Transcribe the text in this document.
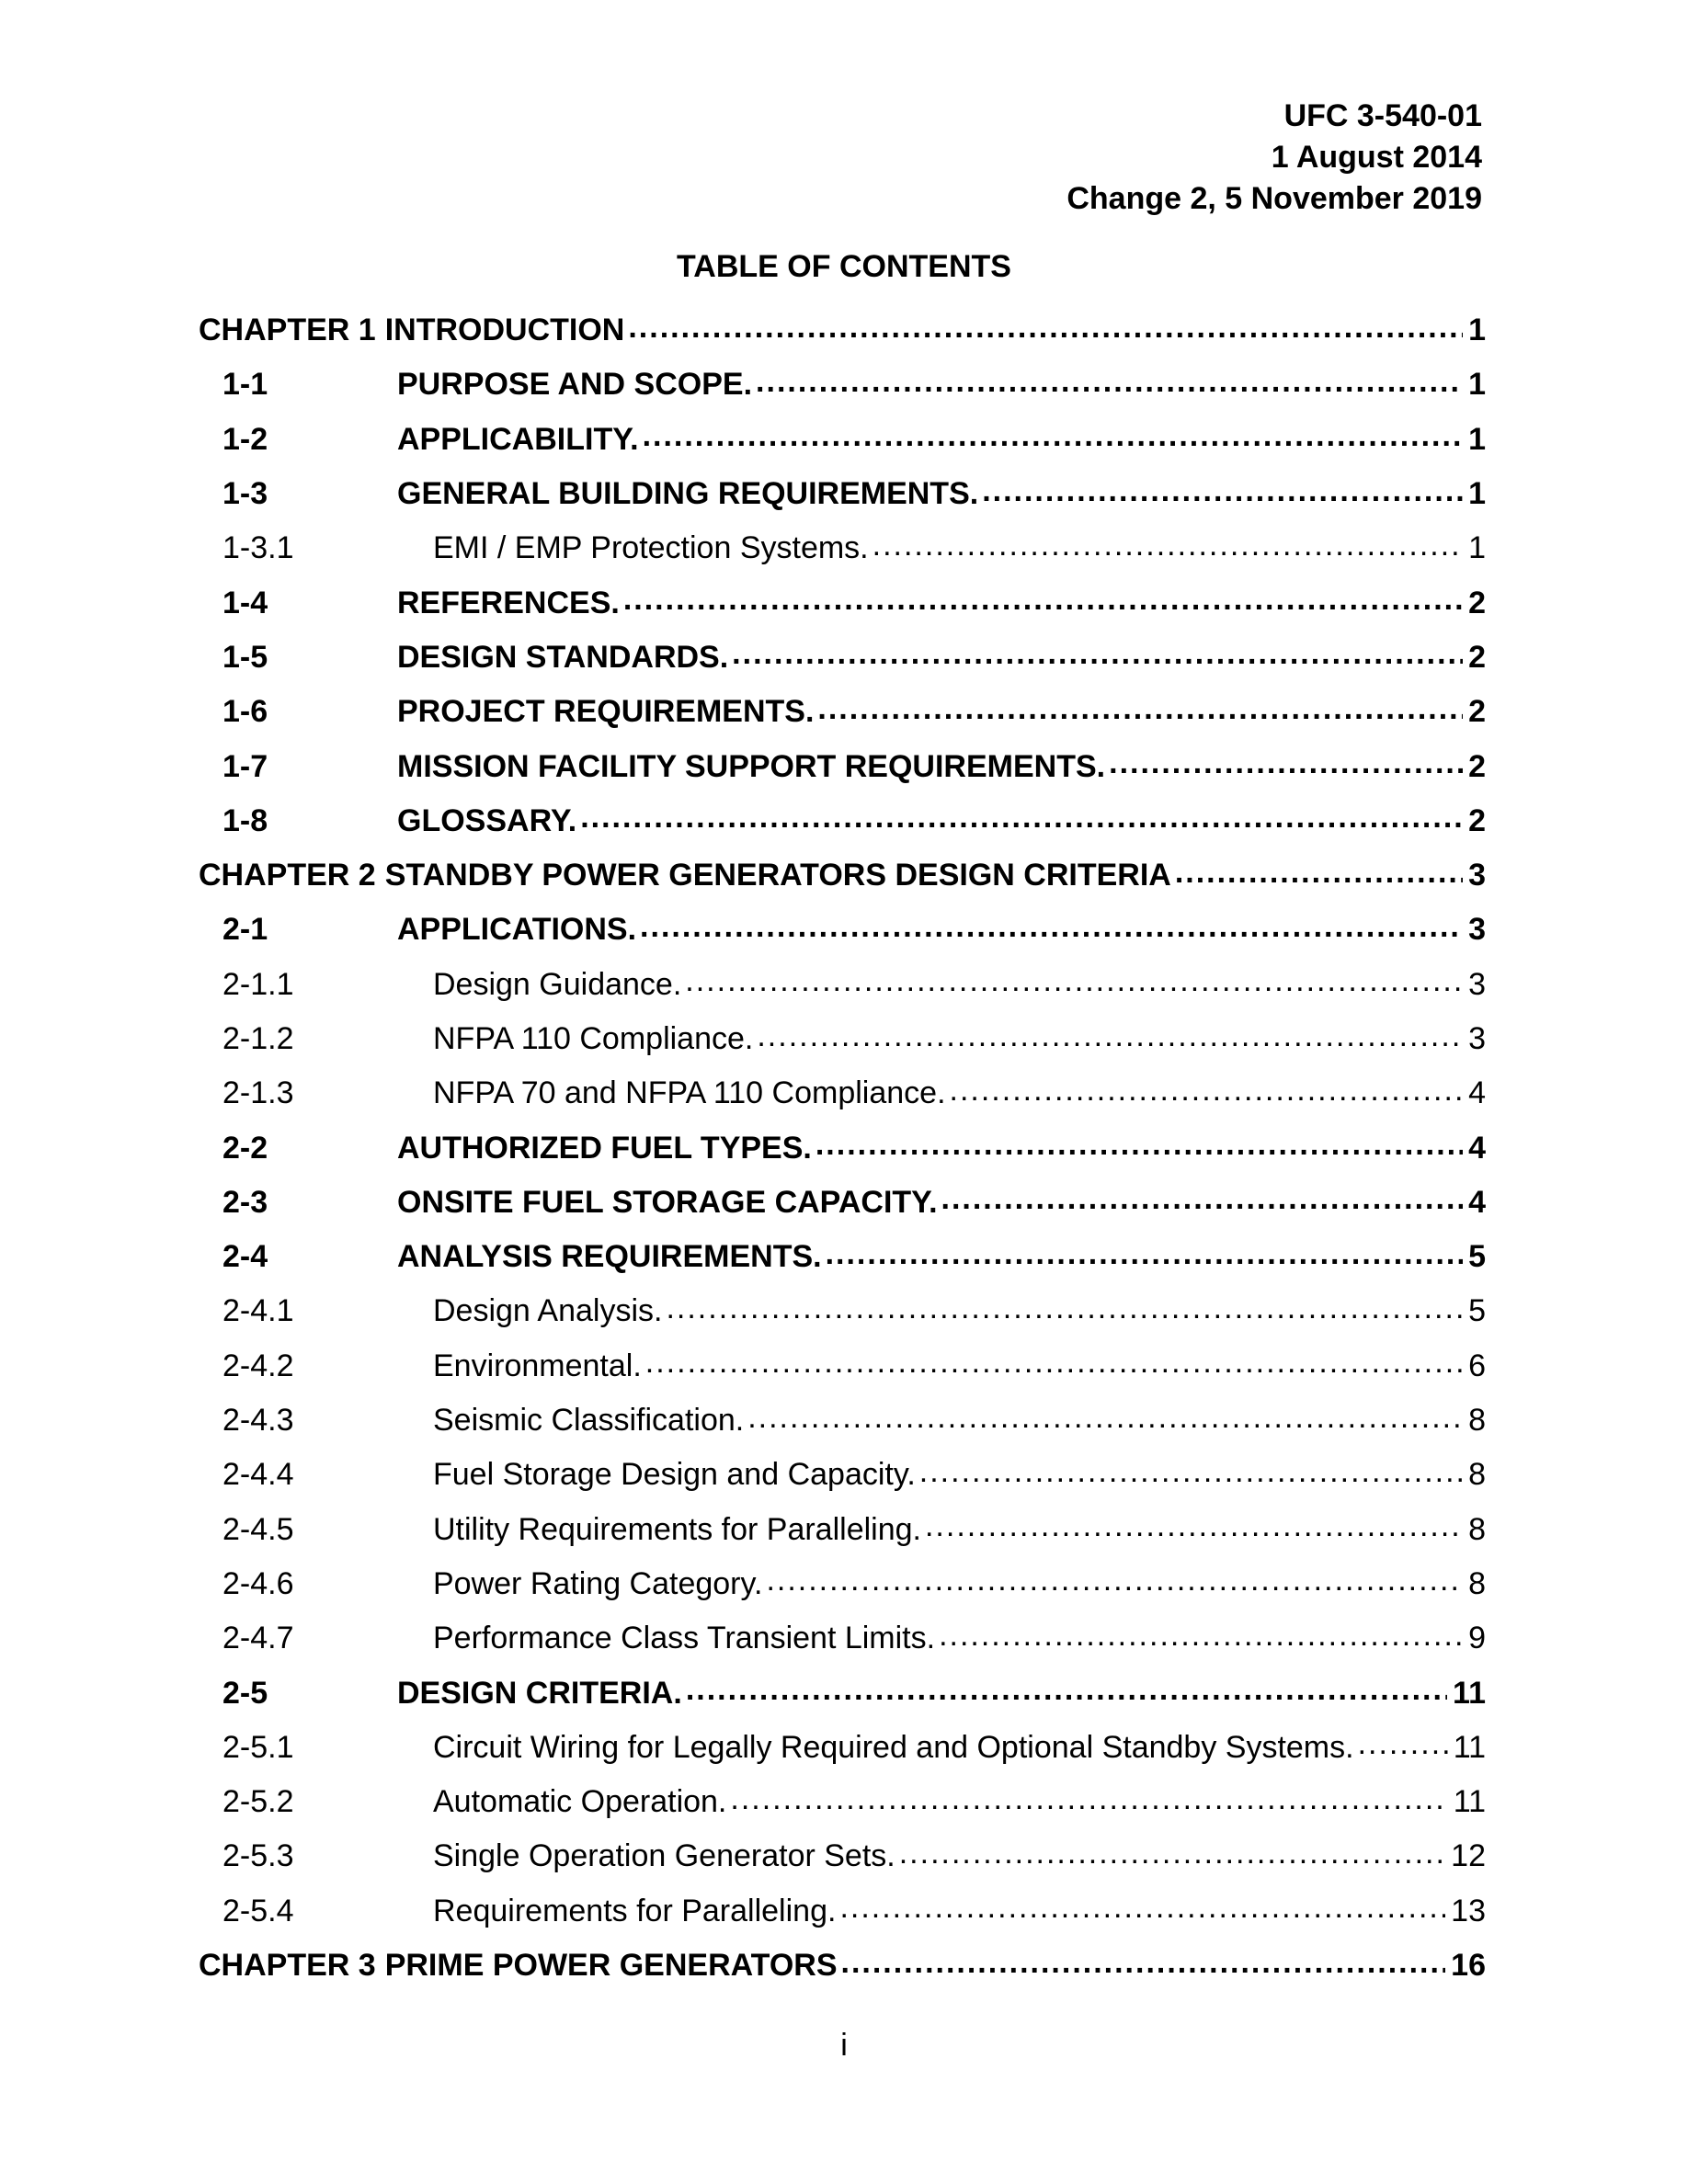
UFC 3-540-01
1 August 2014
Change 2, 5 November 2019
TABLE OF CONTENTS
CHAPTER 1 INTRODUCTION .....	1
1-1	PURPOSE AND SCOPE. .....	1
1-2	APPLICABILITY. .....	1
1-3	GENERAL BUILDING REQUIREMENTS. .....	1
1-3.1	EMI / EMP Protection Systems. .....	1
1-4	REFERENCES. .....	2
1-5	DESIGN STANDARDS. .....	2
1-6	PROJECT REQUIREMENTS. .....	2
1-7	MISSION FACILITY SUPPORT REQUIREMENTS. .....	2
1-8	GLOSSARY. .....	2
CHAPTER 2 STANDBY POWER GENERATORS DESIGN CRITERIA .....	3
2-1	APPLICATIONS. .....	3
2-1.1	Design Guidance. .....	3
2-1.2	NFPA 110 Compliance. .....	3
2-1.3	NFPA 70 and NFPA 110 Compliance. .....	4
2-2	AUTHORIZED FUEL TYPES. .....	4
2-3	ONSITE FUEL STORAGE CAPACITY. .....	4
2-4	ANALYSIS REQUIREMENTS. .....	5
2-4.1	Design Analysis. .....	5
2-4.2	Environmental. .....	6
2-4.3	Seismic Classification. .....	8
2-4.4	Fuel Storage Design and Capacity. .....	8
2-4.5	Utility Requirements for Paralleling. .....	8
2-4.6	Power Rating Category. .....	8
2-4.7	Performance Class Transient Limits. .....	9
2-5	DESIGN CRITERIA. .....	11
2-5.1	Circuit Wiring for Legally Required and Optional Standby Systems. .....	11
2-5.2	Automatic Operation. .....	11
2-5.3	Single Operation Generator Sets. .....	12
2-5.4	Requirements for Paralleling. .....	13
CHAPTER 3 PRIME POWER GENERATORS .....	16
i
